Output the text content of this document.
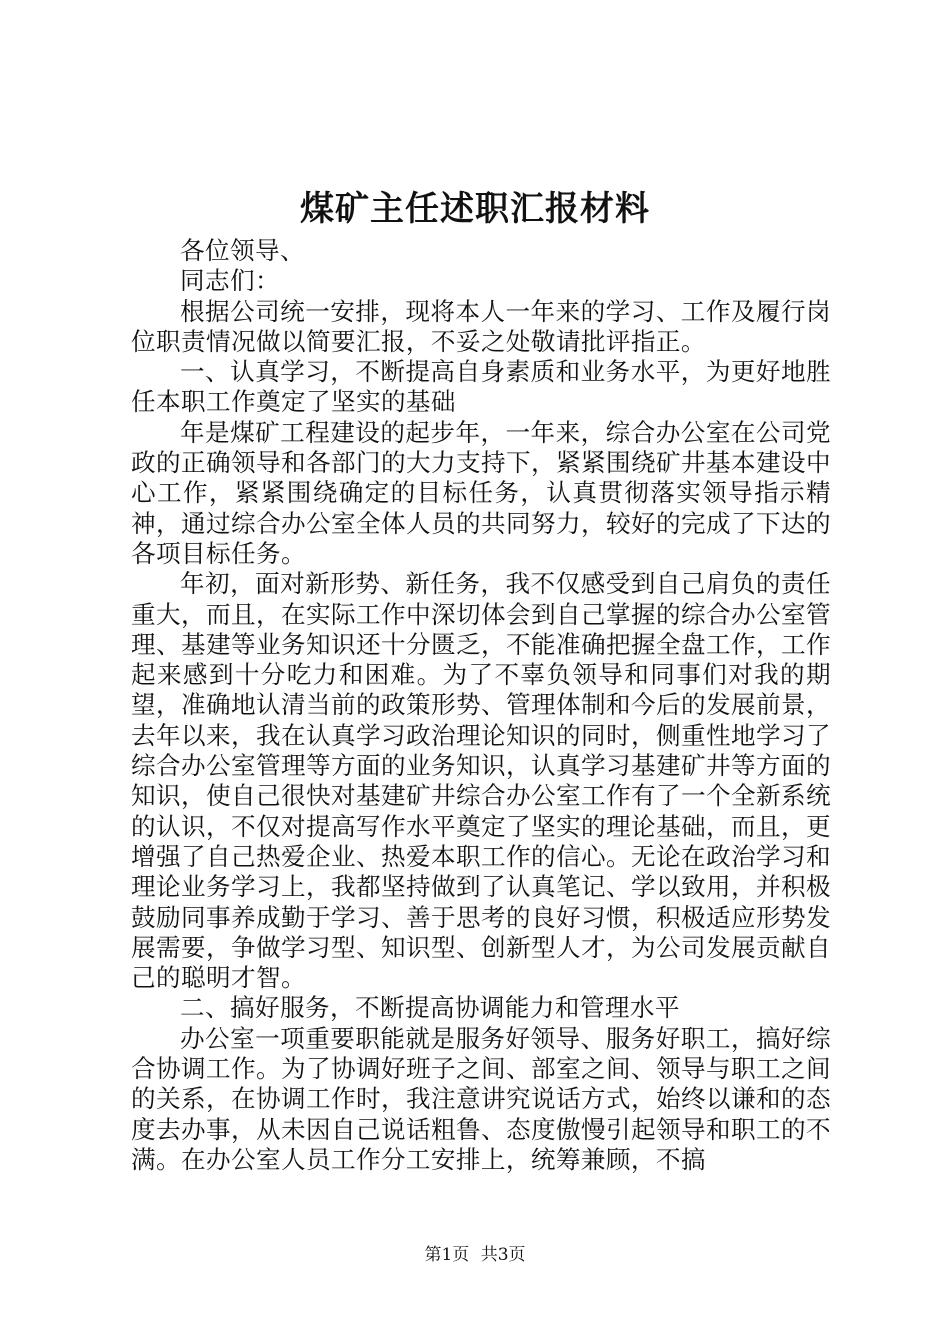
煤矿主任述职汇报材料

各位领导、

同志们：

根据公司统一安排，现将本人一年来的学习、工作及履行岗位职责情况做以简要汇报，不妥之处敬请批评指正。

一、认真学习，不断提高自身素质和业务水平，为更好地胜任本职工作奠定了坚实的基础

年是煤矿工程建设的起步年，一年来，综合办公室在公司党政的正确领导和各部门的大力支持下，紧紧围绕矿井基本建设中心工作，紧紧围绕确定的目标任务，认真贯彻落实领导指示精神，通过综合办公室全体人员的共同努力，较好的完成了下达的各项目标任务。

年初，面对新形势、新任务，我不仅感受到自己肩负的责任重大，而且，在实际工作中深切体会到自己掌握的综合办公室管理、基建等业务知识还十分匮乏，不能准确把握全盘工作，工作起来感到十分吃力和困难。为了不辜负领导和同事们对我的期望，准确地认清当前的政策形势、管理体制和今后的发展前景，去年以来，我在认真学习政治理论知识的同时，侧重性地学习了综合办公室管理等方面的业务知识，认真学习基建矿井等方面的知识，使自己很快对基建矿井综合办公室工作有了一个全新系统的认识，不仅对提高写作水平奠定了坚实的理论基础，而且，更增强了自己热爱企业、热爱本职工作的信心。无论在政治学习和理论业务学习上，我都坚持做到了认真笔记、学以致用，并积极鼓励同事养成勤于学习、善于思考的良好习惯，积极适应形势发展需要，争做学习型、知识型、创新型人才，为公司发展贡献自己的聪明才智。

二、搞好服务，不断提高协调能力和管理水平

办公室一项重要职能就是服务好领导、服务好职工，搞好综合协调工作。为了协调好班子之间、部室之间、领导与职工之间的关系，在协调工作时，我注意讲究说话方式，始终以谦和的态度去办事，从未因自己说话粗鲁、态度傲慢引起领导和职工的不满。在办公室人员工作分工安排上，统筹兼顾，不搞

第1页 共3页
